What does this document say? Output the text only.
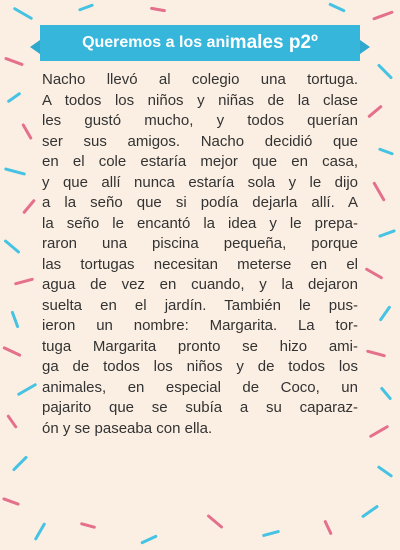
Queremos a los ani males p2º
Nacho llevó al colegio una tortuga.
A todos los niños y niñas de la clase
les gustó mucho, y todos querían
ser sus amigos. Nacho decidió que
en el cole estaría mejor que en casa,
y que allí nunca estaría sola y le dijo
a la seño que si podía dejarla allí. A
la seño le encantó la idea y le prepa-
raron una piscina pequeña, porque
las tortugas necesitan meterse en el
agua de vez en cuando, y la dejaron
suelta en el jardín. También le pus-
ieron un nombre: Margarita. La tor-
tuga Margarita pronto se hizo ami-
ga de todos los niños y de todos los
animales, en especial de Coco, un
pajarito que se subía a su caparaz-
ón y se paseaba con ella.
